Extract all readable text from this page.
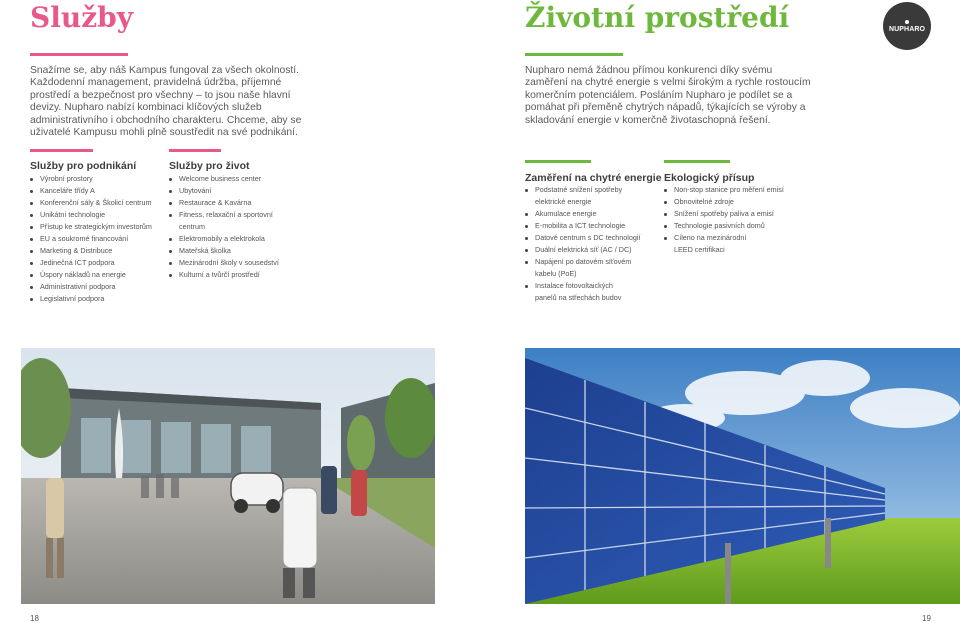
Služby

Snažíme se, aby náš Kampus fungoval za všech okolností. Každodenní management, pravidelná údržba, příjemné prostředí a bezpečnost pro všechny – to jsou naše hlavní devizy. Nupharo nabízí kombinaci klíčových služeb administrativního i obchodního charakteru. Chceme, aby se uživatelé Kampusu mohli plně soustředit na své podnikání.

Služby pro podnikání
Výrobní prostory
Kanceláře třídy A
Konferenční sály & Školicí centrum
Unikátní technologie
Přístup ke strategickým investorům
EU a soukromé financování
Marketing & Distribuce
Jedinečná ICT podpora
Úspory nákladů na energie
Administrativní podpora
Legislativní podpora
Služby pro život
Welcome business center
Ubytování
Restaurace & Kavárna
Fitness, relaxační a sportovní
centrum
Elektromobily a elektrokola
Mateřská školka
Mezinárodní školy v sousedství
Kulturní a tvůrčí prostředí
18
Životní prostředí	NUPHARO

Nupharo nemá žádnou přímou konkurenci díky svému zaměření na chytré energie s velmi širokým a rychle rostoucím komerčním potenciálem. Posláním Nupharo je podílet se a pomáhat při přeměně chytrých nápadů, týkajících se výroby a skladování energie v komerčně životaschopná řešení.

Zaměření na chytré energie
Podstatné snížení spotřeby
elektrické energie
Akumulace energie
E-mobilita a ICT technologie
Datové centrum s DC technologií
Duální elektrická síť (AC / DC)
Napájení po datovém síťovém
kabelu (PoE)
Instalace fotovoltaických
panelů na střechách budov
Ekologický přísup
Non-stop stanice pro měření emisí
Obnovitelné zdroje
Snížení spotřeby paliva a emisí
Technologie pasivních domů
Cíleno na mezinárodní
LEED certifikaci
19
